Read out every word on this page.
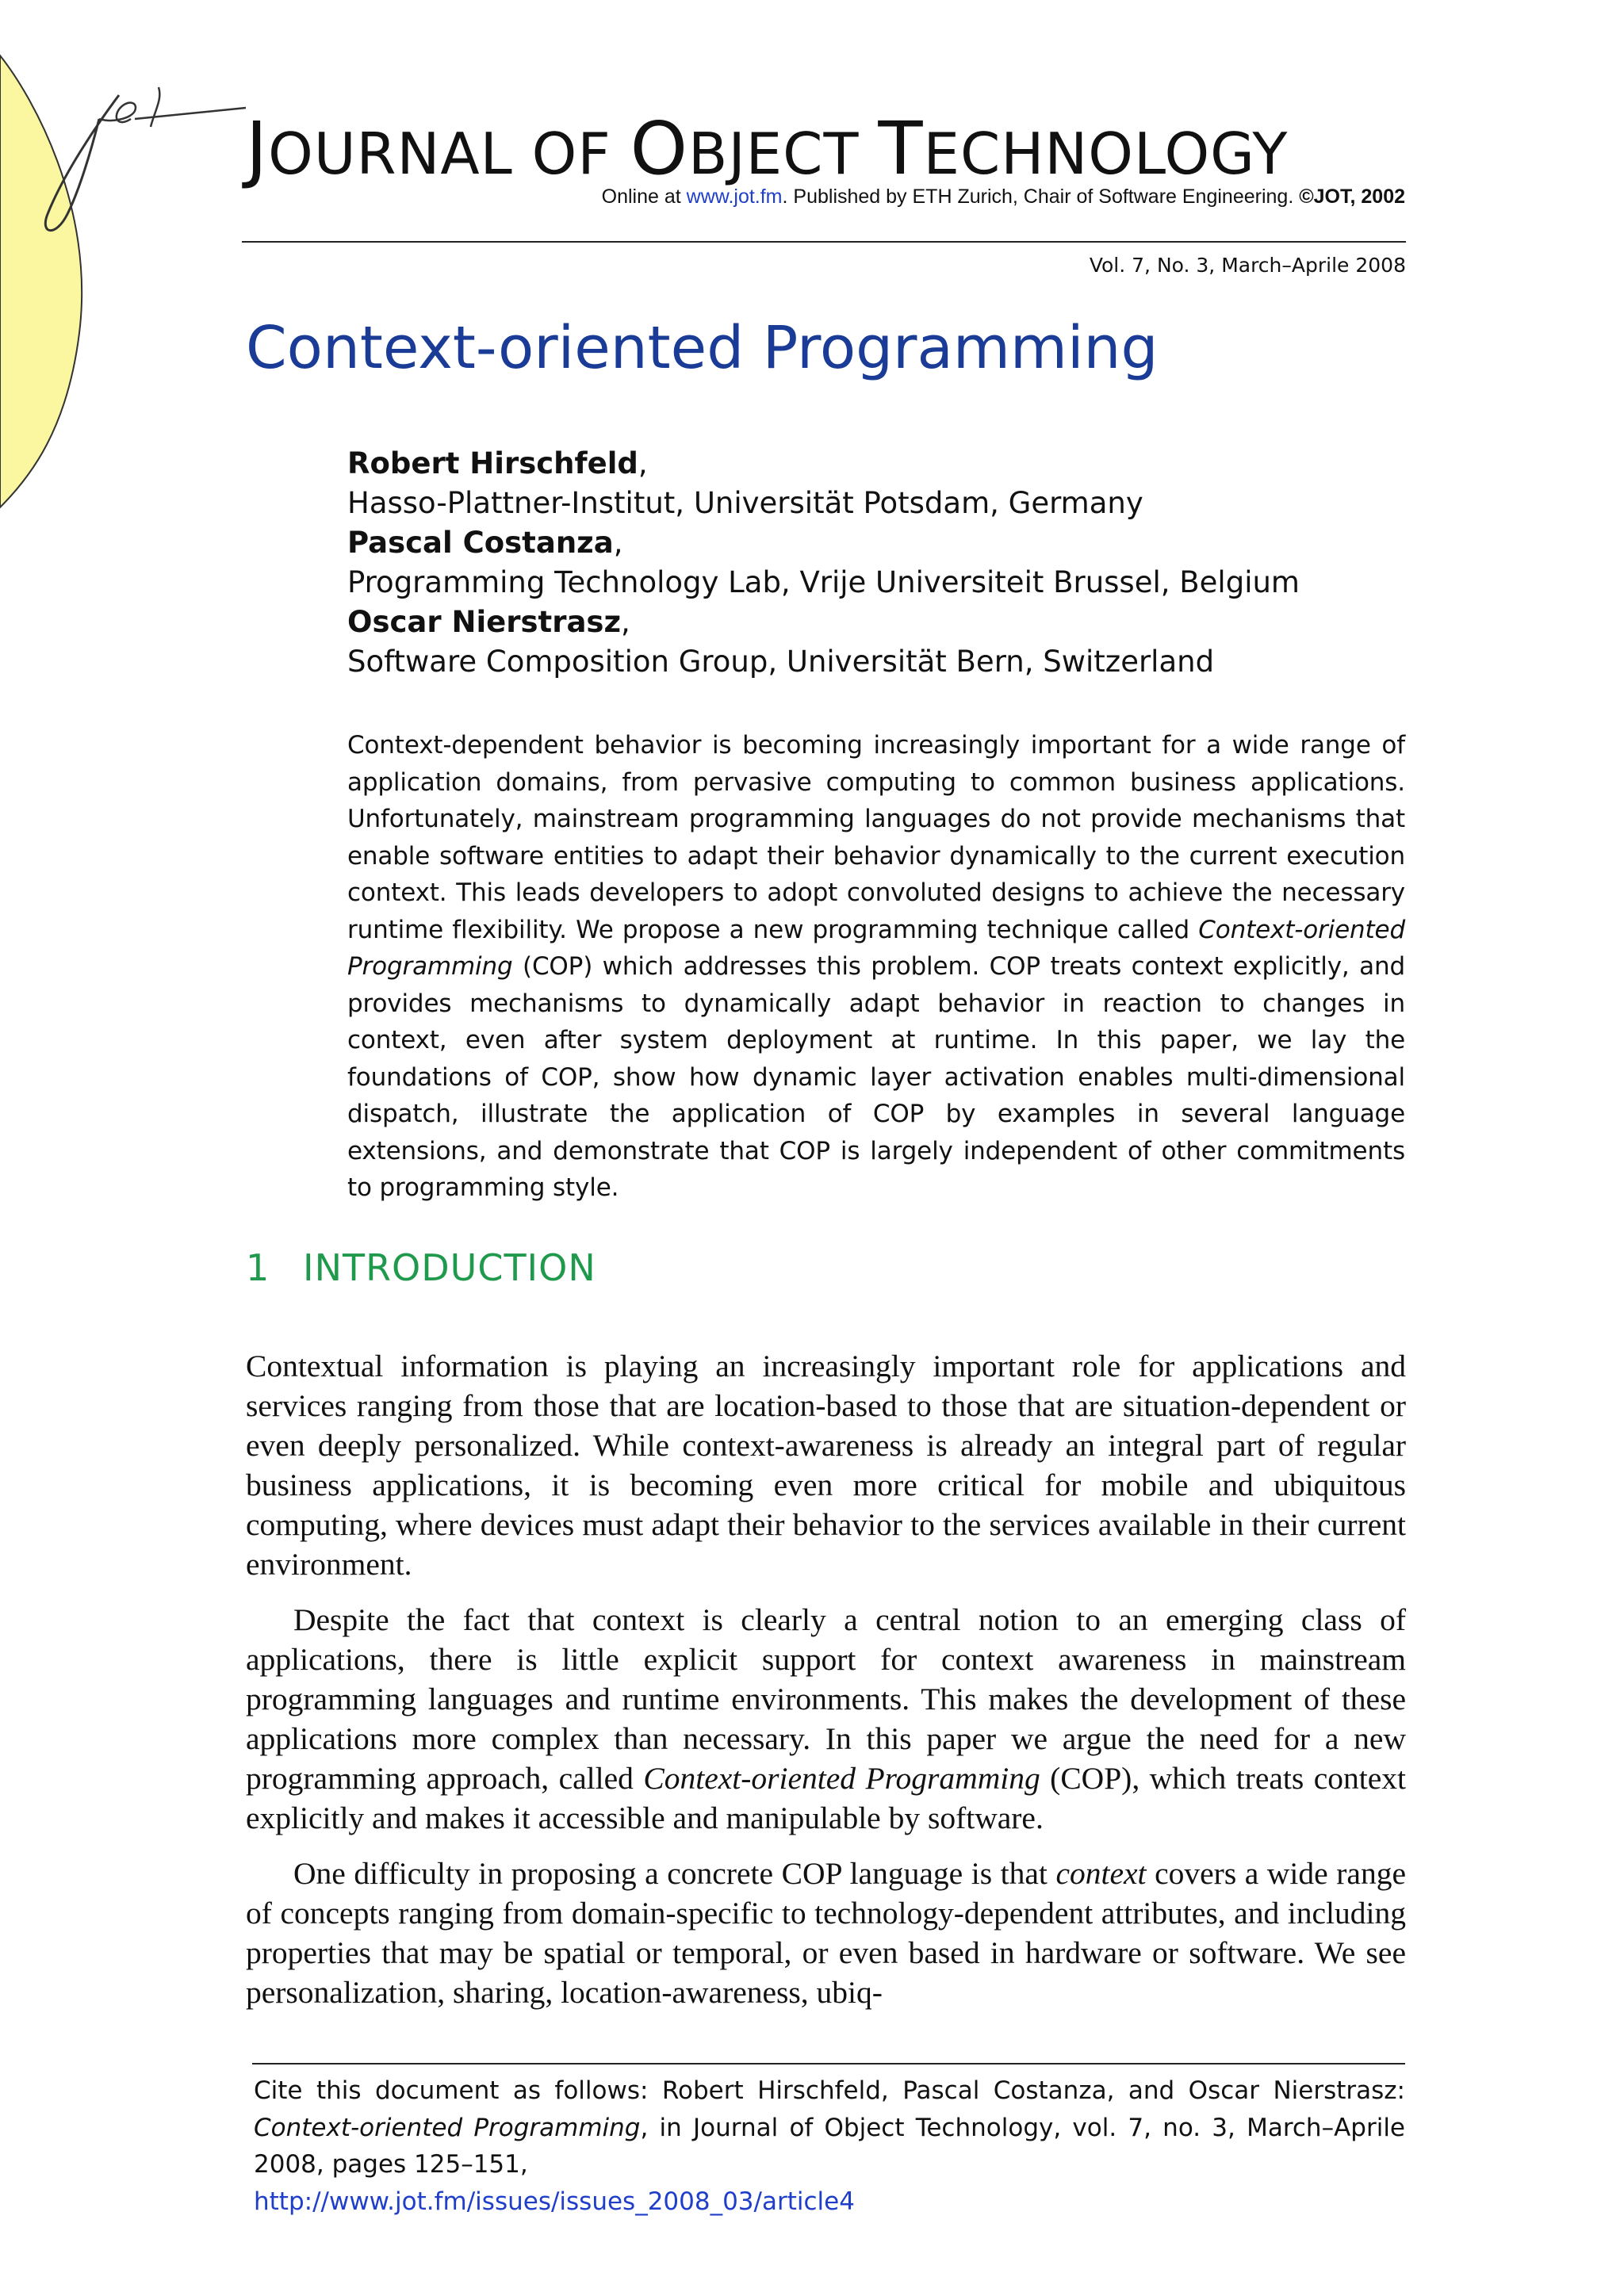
JOURNAL OF OBJECT TECHNOLOGY
Online at www.jot.fm. Published by ETH Zurich, Chair of Software Engineering. ©JOT, 2002
Vol. 7, No. 3, March–Aprile 2008
Context-oriented Programming
Robert Hirschfeld,
Hasso-Plattner-Institut, Universität Potsdam, Germany
Pascal Costanza,
Programming Technology Lab, Vrije Universiteit Brussel, Belgium
Oscar Nierstrasz,
Software Composition Group, Universität Bern, Switzerland
Context-dependent behavior is becoming increasingly important for a wide range of application domains, from pervasive computing to common business applications. Unfortunately, mainstream programming languages do not provide mechanisms that enable software entities to adapt their behavior dynamically to the current execution context. This leads developers to adopt convoluted designs to achieve the necessary runtime flexibility. We propose a new programming technique called Context-oriented Programming (COP) which addresses this problem. COP treats context explicitly, and provides mechanisms to dynamically adapt behavior in reaction to changes in context, even after system deployment at runtime. In this paper, we lay the foundations of COP, show how dynamic layer activation enables multi-dimensional dispatch, illustrate the application of COP by examples in several language extensions, and demonstrate that COP is largely independent of other commitments to programming style.
1 INTRODUCTION

Contextual information is playing an increasingly important role for applications and services ranging from those that are location-based to those that are situation-dependent or even deeply personalized. While context-awareness is already an integral part of regular business applications, it is becoming even more critical for mobile and ubiquitous computing, where devices must adapt their behavior to the services available in their current environment.

Despite the fact that context is clearly a central notion to an emerging class of applications, there is little explicit support for context awareness in mainstream programming languages and runtime environments. This makes the development of these applications more complex than necessary. In this paper we argue the need for a new programming approach, called Context-oriented Programming (COP), which treats context explicitly and makes it accessible and manipulable by software.

One difficulty in proposing a concrete COP language is that context covers a wide range of concepts ranging from domain-specific to technology-dependent attributes, and including properties that may be spatial or temporal, or even based in hardware or software. We see personalization, sharing, location-awareness, ubiq-

Cite this document as follows: Robert Hirschfeld, Pascal Costanza, and Oscar Nierstrasz: Context-oriented Programming, in Journal of Object Technology, vol. 7, no. 3, March–Aprile 2008, pages 125–151,
http://www.jot.fm/issues/issues_2008_03/article4
